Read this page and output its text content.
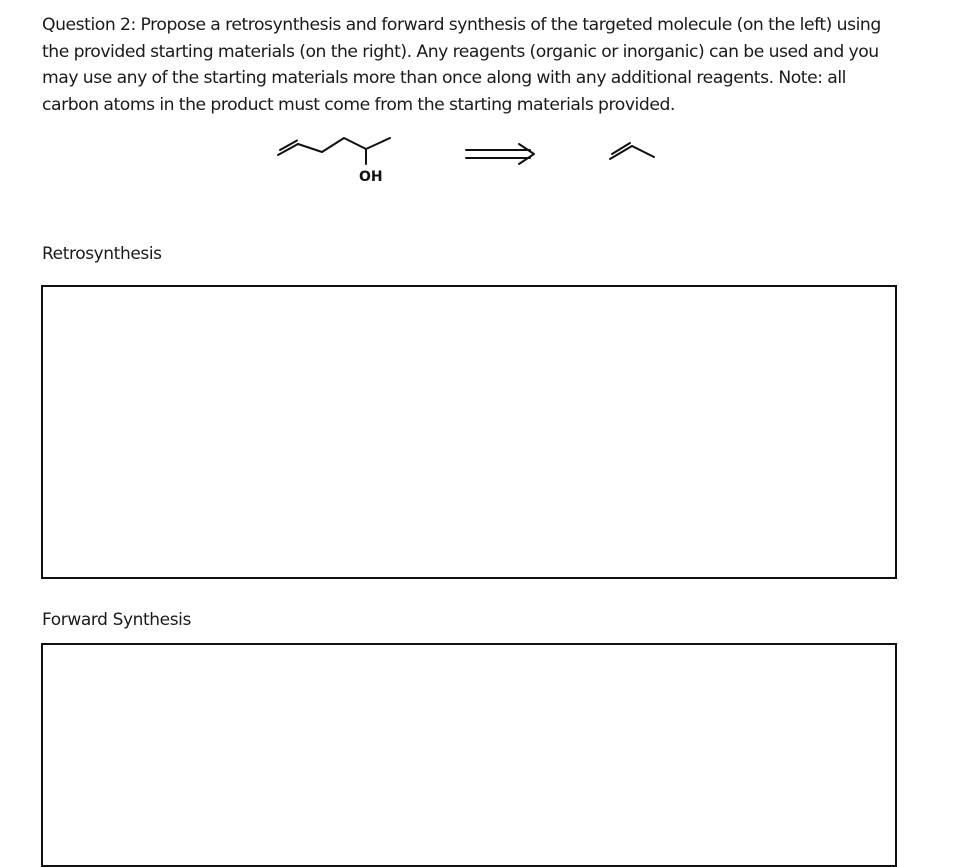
Question 2: Propose a retrosynthesis and forward synthesis of the targeted molecule (on the left) using the provided starting materials (on the right). Any reagents (organic or inorganic) can be used and you may use any of the starting materials more than once along with any additional reagents. Note: all carbon atoms in the product must come from the starting materials provided.

OH

Retrosynthesis

Forward Synthesis
